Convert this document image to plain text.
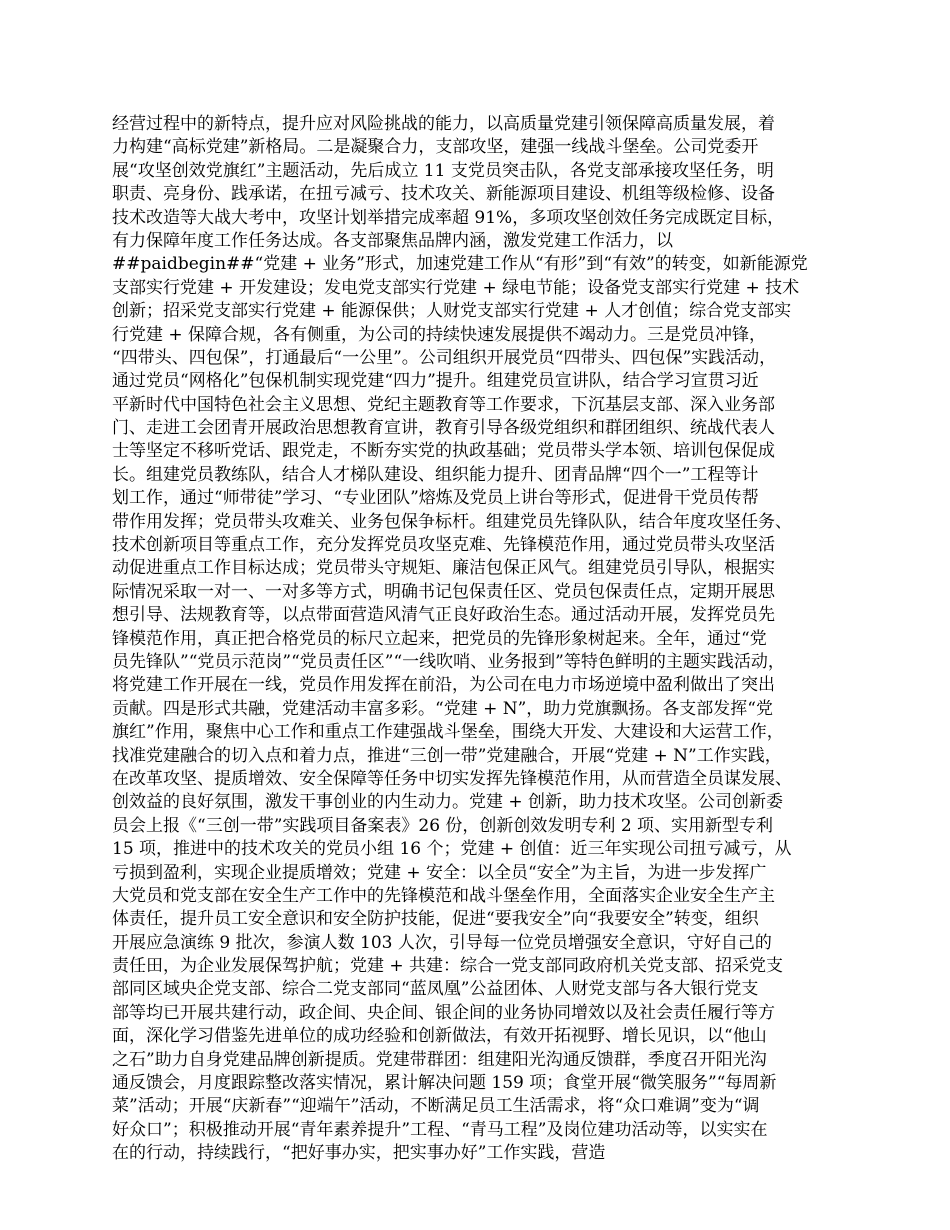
经营过程中的新特点，提升应对风险挑战的能力，以高质量党建引领保障高质量发展，着
力构建“高标党建”新格局。二是凝聚合力，支部攻坚，建强一线战斗堡垒。公司党委开
展“攻坚创效党旗红”主题活动，先后成立 11 支党员突击队，各党支部承接攻坚任务，明
职责、亮身份、践承诺，在扭亏减亏、技术攻关、新能源项目建设、机组等级检修、设备
技术改造等大战大考中，攻坚计划举措完成率超 91%，多项攻坚创效任务完成既定目标，
有力保障年度工作任务达成。各支部聚焦品牌内涵，激发党建工作活力，以
##paidbegin##“党建 + 业务”形式，加速党建工作从“有形”到“有效”的转变，如新能源党
支部实行党建 + 开发建设；发电党支部实行党建 + 绿电节能；设备党支部实行党建 + 技术
创新；招采党支部实行党建 + 能源保供；人财党支部实行党建 + 人才创值；综合党支部实
行党建 + 保障合规，各有侧重，为公司的持续快速发展提供不竭动力。三是党员冲锋，
“四带头、四包保”，打通最后“一公里”。公司组织开展党员“四带头、四包保”实践活动，
通过党员“网格化”包保机制实现党建“四力”提升。组建党员宣讲队，结合学习宣贯习近
平新时代中国特色社会主义思想、党纪主题教育等工作要求，下沉基层支部、深入业务部
门、走进工会团青开展政治思想教育宣讲，教育引导各级党组织和群团组织、统战代表人
士等坚定不移听党话、跟党走，不断夯实党的执政基础；党员带头学本领、培训包保促成
长。组建党员教练队，结合人才梯队建设、组织能力提升、团青品牌“四个一”工程等计
划工作，通过“师带徒”学习、“专业团队”熔炼及党员上讲台等形式，促进骨干党员传帮
带作用发挥；党员带头攻难关、业务包保争标杆。组建党员先锋队队，结合年度攻坚任务、
技术创新项目等重点工作，充分发挥党员攻坚克难、先锋模范作用，通过党员带头攻坚活
动促进重点工作目标达成；党员带头守规矩、廉洁包保正风气。组建党员引导队，根据实
际情况采取一对一、一对多等方式，明确书记包保责任区、党员包保责任点，定期开展思
想引导、法规教育等，以点带面营造风清气正良好政治生态。通过活动开展，发挥党员先
锋模范作用，真正把合格党员的标尺立起来，把党员的先锋形象树起来。全年，通过“党
员先锋队”“党员示范岗”“党员责任区”“一线吹哨、业务报到”等特色鲜明的主题实践活动，
将党建工作开展在一线，党员作用发挥在前沿，为公司在电力市场逆境中盈利做出了突出
贡献。四是形式共融，党建活动丰富多彩。“党建 + N”，助力党旗飘扬。各支部发挥“党
旗红”作用，聚焦中心工作和重点工作建强战斗堡垒，围绕大开发、大建设和大运营工作，
找准党建融合的切入点和着力点，推进“三创一带”党建融合，开展“党建 + N”工作实践，
在改革攻坚、提质增效、安全保障等任务中切实发挥先锋模范作用，从而营造全员谋发展、
创效益的良好氛围，激发干事创业的内生动力。党建 + 创新，助力技术攻坚。公司创新委
员会上报《“三创一带”实践项目备案表》26 份，创新创效发明专利 2 项、实用新型专利
15 项，推进中的技术攻关的党员小组 16 个；党建 + 创值：近三年实现公司扭亏减亏，从
亏损到盈利，实现企业提质增效；党建 + 安全：以全员“安全”为主旨，为进一步发挥广
大党员和党支部在安全生产工作中的先锋模范和战斗堡垒作用，全面落实企业安全生产主
体责任，提升员工安全意识和安全防护技能，促进“要我安全”向“我要安全”转变，组织
开展应急演练 9 批次，参演人数 103 人次，引导每一位党员增强安全意识，守好自己的
责任田，为企业发展保驾护航；党建 + 共建：综合一党支部同政府机关党支部、招采党支
部同区域央企党支部、综合二党支部同“蓝凤凰”公益团体、人财党支部与各大银行党支
部等均已开展共建行动，政企间、央企间、银企间的业务协同增效以及社会责任履行等方
面，深化学习借鉴先进单位的成功经验和创新做法，有效开拓视野、增长见识，以“他山
之石”助力自身党建品牌创新提质。党建带群团：组建阳光沟通反馈群，季度召开阳光沟
通反馈会，月度跟踪整改落实情况，累计解决问题 159 项；食堂开展“微笑服务”“每周新
菜”活动；开展“庆新春”“迎端午”活动，不断满足员工生活需求，将“众口难调”变为“调
好众口”；积极推动开展“青年素养提升”工程、“青马工程”及岗位建功活动等，以实实在
在的行动，持续践行，“把好事办实，把实事办好”工作实践，营造
